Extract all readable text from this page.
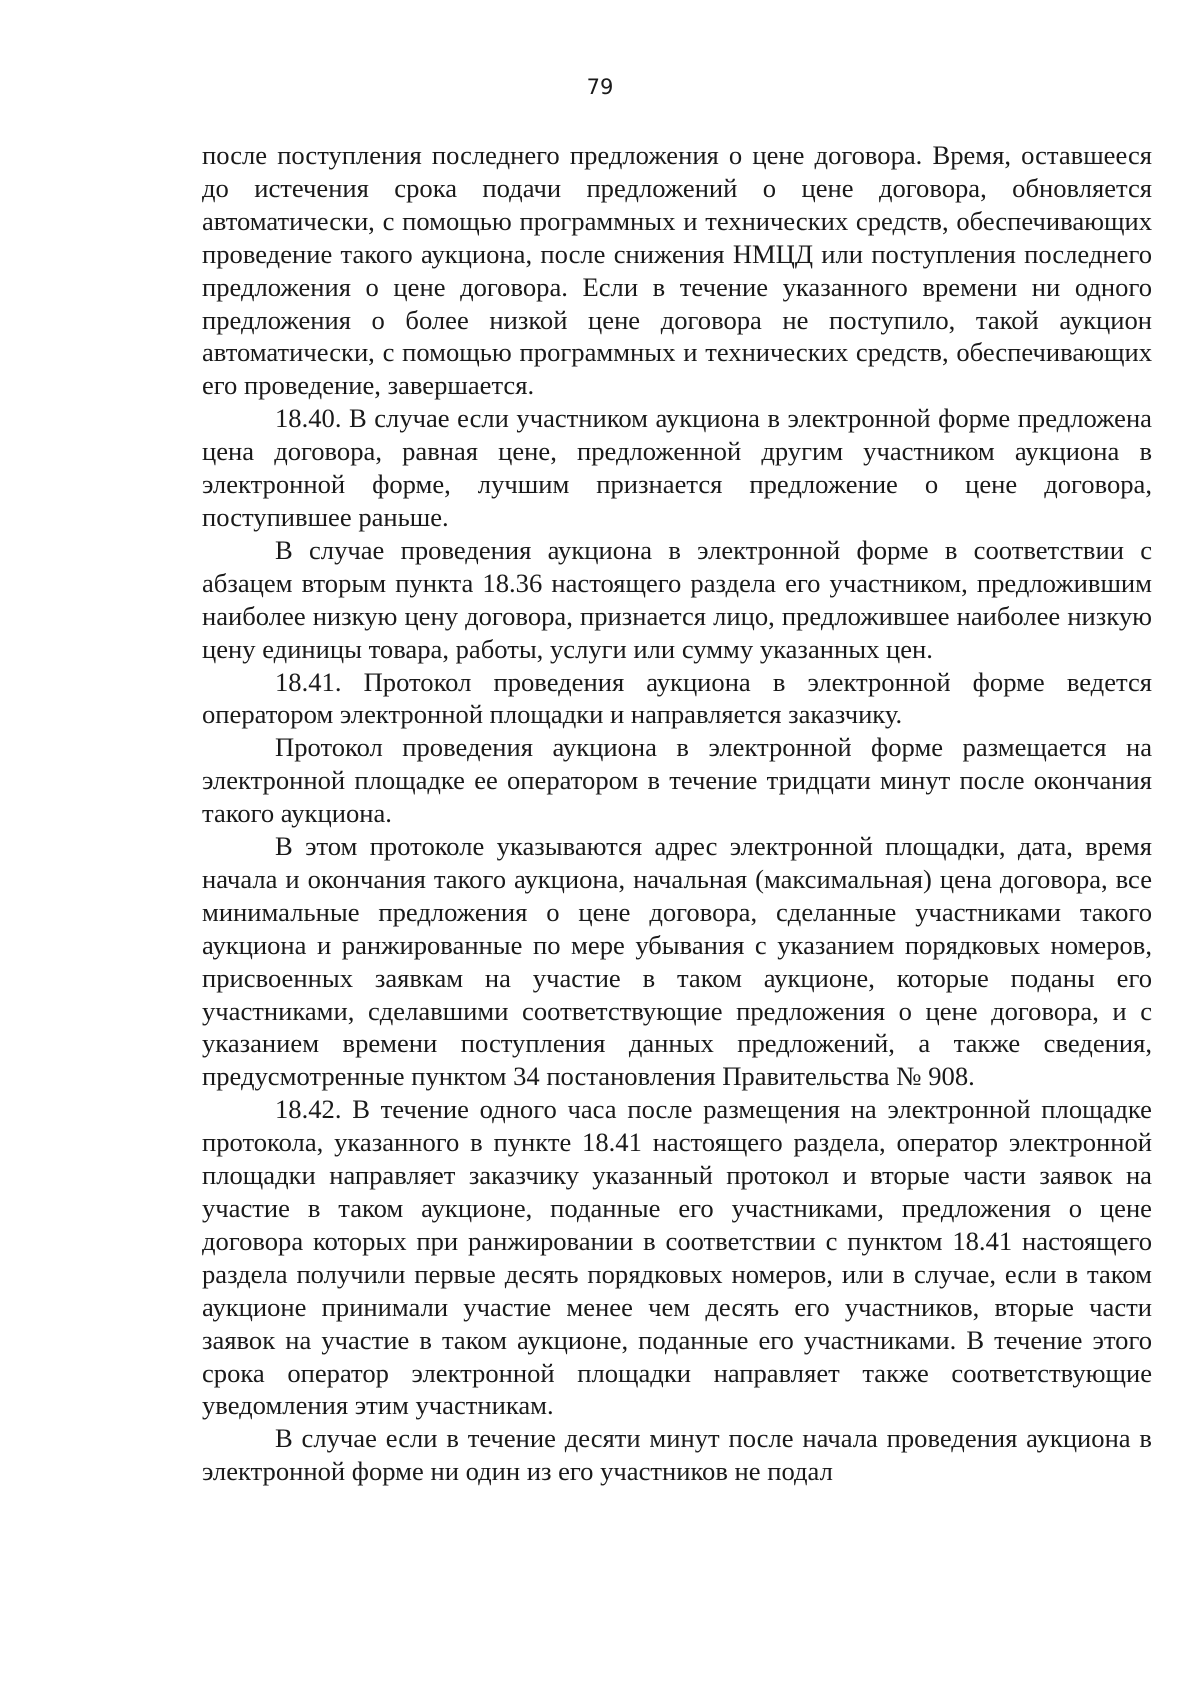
79

после поступления последнего предложения о цене договора. Время, оставшееся до истечения срока подачи предложений о цене договора, обновляется автоматически, с помощью программных и технических средств, обеспечивающих проведение такого аукциона, после снижения НМЦД или поступления последнего предложения о цене договора. Если в течение указанного времени ни одного предложения о более низкой цене договора не поступило, такой аукцион автоматически, с помощью программных и технических средств, обеспечивающих его проведение, завершается.

18.40. В случае если участником аукциона в электронной форме предложена цена договора, равная цене, предложенной другим участником аукциона в электронной форме, лучшим признается предложение о цене договора, поступившее раньше.

В случае проведения аукциона в электронной форме в соответствии с абзацем вторым пункта 18.36 настоящего раздела его участником, предложившим наиболее низкую цену договора, признается лицо, предложившее наиболее низкую цену единицы товара, работы, услуги или сумму указанных цен.

18.41. Протокол проведения аукциона в электронной форме ведется оператором электронной площадки и направляется заказчику.

Протокол проведения аукциона в электронной форме размещается на электронной площадке ее оператором в течение тридцати минут после окончания такого аукциона.

В этом протоколе указываются адрес электронной площадки, дата, время начала и окончания такого аукциона, начальная (максимальная) цена договора, все минимальные предложения о цене договора, сделанные участниками такого аукциона и ранжированные по мере убывания с указанием порядковых номеров, присвоенных заявкам на участие в таком аукционе, которые поданы его участниками, сделавшими соответствующие предложения о цене договора, и с указанием времени поступления данных предложений, а также сведения, предусмотренные пунктом 34 постановления Правительства № 908.

18.42. В течение одного часа после размещения на электронной площадке протокола, указанного в пункте 18.41 настоящего раздела, оператор электронной площадки направляет заказчику указанный протокол и вторые части заявок на участие в таком аукционе, поданные его участниками, предложения о цене договора которых при ранжировании в соответствии с пунктом 18.41 настоящего раздела получили первые десять порядковых номеров, или в случае, если в таком аукционе принимали участие менее чем десять его участников, вторые части заявок на участие в таком аукционе, поданные его участниками. В течение этого срока оператор электронной площадки направляет также соответствующие уведомления этим участникам.

В случае если в течение десяти минут после начала проведения аукциона в электронной форме ни один из его участников не подал
